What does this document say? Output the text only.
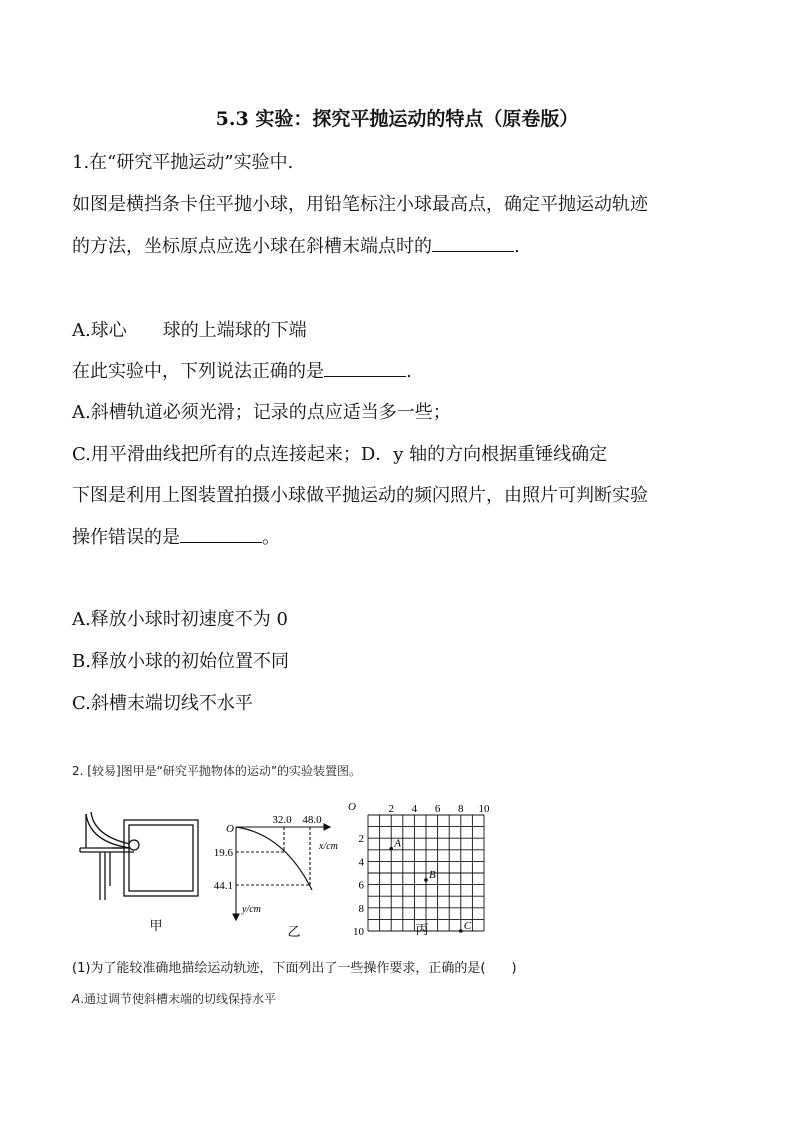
5.3 实验：探究平抛运动的特点（原卷版）
1.在“研究平抛运动”实验中.
如图是横挡条卡住平抛小球，用铅笔标注小球最高点，确定平抛运动轨迹
的方法，坐标原点应选小球在斜槽末端点时的	.
A.球心　　球的上端球的下端
在此实验中，下列说法正确的是	.
A.斜槽轨道必须光滑；记录的点应适当多一些；
C.用平滑曲线把所有的点连接起来；D．y 轴的方向根据重锤线确定
下图是利用上图装置拍摄小球做平抛运动的频闪照片，由照片可判断实验
操作错误的是	。
A.释放小球时初速度不为 0
B.释放小球的初始位置不同
C.斜槽末端切线不水平
2. [较易]图甲是“研究平抛物体的运动”的实验装置图。
甲
O
32.0 48.0
19.6
44.1
x/cm
y/cm
乙
2 4 6 8 10
2
4
6
8
10
A
B
C
O
丙
(1)为了能较准确地描绘运动轨迹，下面列出了一些操作要求，正确的是(　　)
A.通过调节使斜槽末端的切线保持水平
